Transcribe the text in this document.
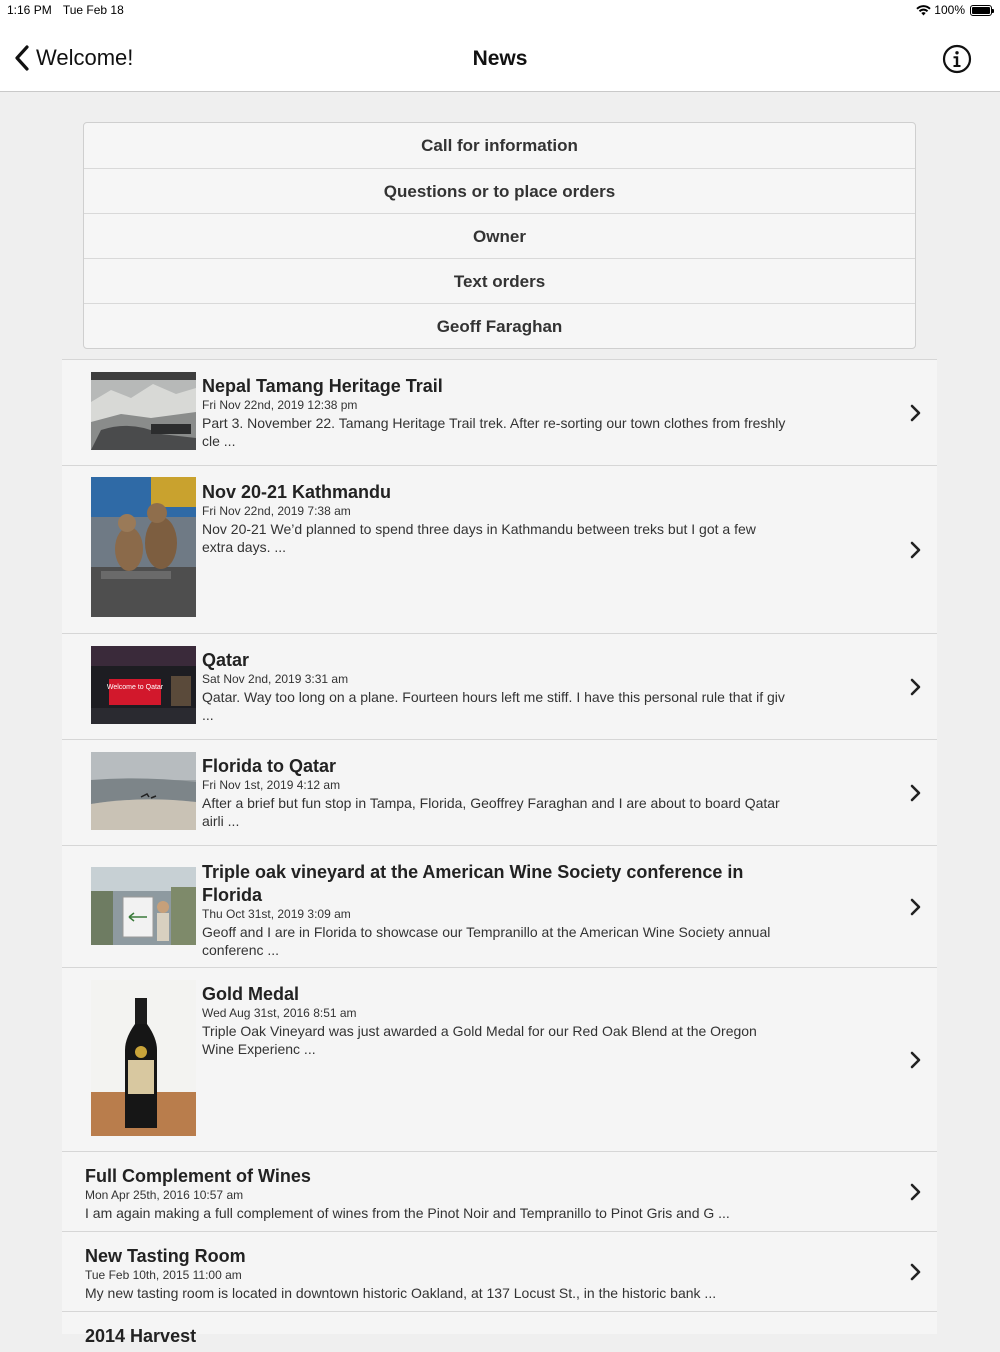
1:16 PM Tue Feb 18	100%
Welcome!	News
Call for information
Questions or to place orders
Owner
Text orders
Geoff Faraghan
Nepal Tamang Heritage Trail
Fri Nov 22nd, 2019 12:38 pm
Part 3. November 22. Tamang Heritage Trail trek. After re-sorting our town clothes from freshly cle ...
Nov 20-21 Kathmandu
Fri Nov 22nd, 2019 7:38 am
Nov 20-21 We’d planned to spend three days in Kathmandu between treks but I got a few extra days. ...
Welcome to Qatar
Qatar
Sat Nov 2nd, 2019 3:31 am
Qatar. Way too long on a plane. Fourteen hours left me stiff. I have this personal rule that if giv ...
Florida to Qatar
Fri Nov 1st, 2019 4:12 am
After a brief but fun stop in Tampa, Florida, Geoffrey Faraghan and I are about to board Qatar airli ...
Triple oak vineyard at the American Wine Society conference in Florida
Thu Oct 31st, 2019 3:09 am
Geoff and I are in Florida to showcase our Tempranillo at the American Wine Society annual conferenc ...
Gold Medal
Wed Aug 31st, 2016 8:51 am
Triple Oak Vineyard was just awarded a Gold Medal for our Red Oak Blend at the Oregon Wine Experienc ...
Full Complement of Wines
Mon Apr 25th, 2016 10:57 am
I am again making a full complement of wines from the Pinot Noir and Tempranillo to Pinot Gris and G ...
New Tasting Room
Tue Feb 10th, 2015 11:00 am
My new tasting room is located in downtown historic Oakland, at 137 Locust St., in the historic bank ...
2014 Harvest
